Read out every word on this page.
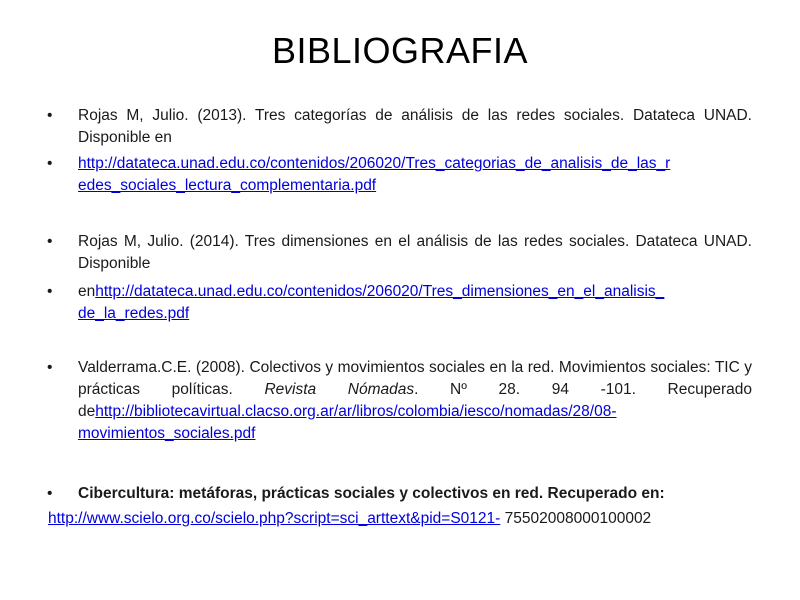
BIBLIOGRAFIA
• Rojas M, Julio. (2013). Tres categorías de análisis de las redes sociales. Datateca UNAD. Disponible en
• http://datateca.unad.edu.co/contenidos/206020/Tres_categorias_de_analisis_de_las_r
edes_sociales_lectura_complementaria.pdf
• Rojas M, Julio. (2014). Tres dimensiones en el análisis de las redes sociales. Datateca UNAD. Disponible
• enhttp://datateca.unad.edu.co/contenidos/206020/Tres_dimensiones_en_el_analisis_
de_la_redes.pdf
• Valderrama.C.E. (2008). Colectivos y movimientos sociales en la red. Movimientos sociales: TIC y prácticas políticas. Revista Nómadas. Nº 28. 94 -101. Recuperado dehttp://bibliotecavirtual.clacso.org.ar/ar/libros/colombia/iesco/nomadas/28/08-
movimientos_sociales.pdf
• Cibercultura: metáforas, prácticas sociales y colectivos en red. Recuperado en:
http://www.scielo.org.co/scielo.php?script=sci_arttext&pid=S0121- 75502008000100002
